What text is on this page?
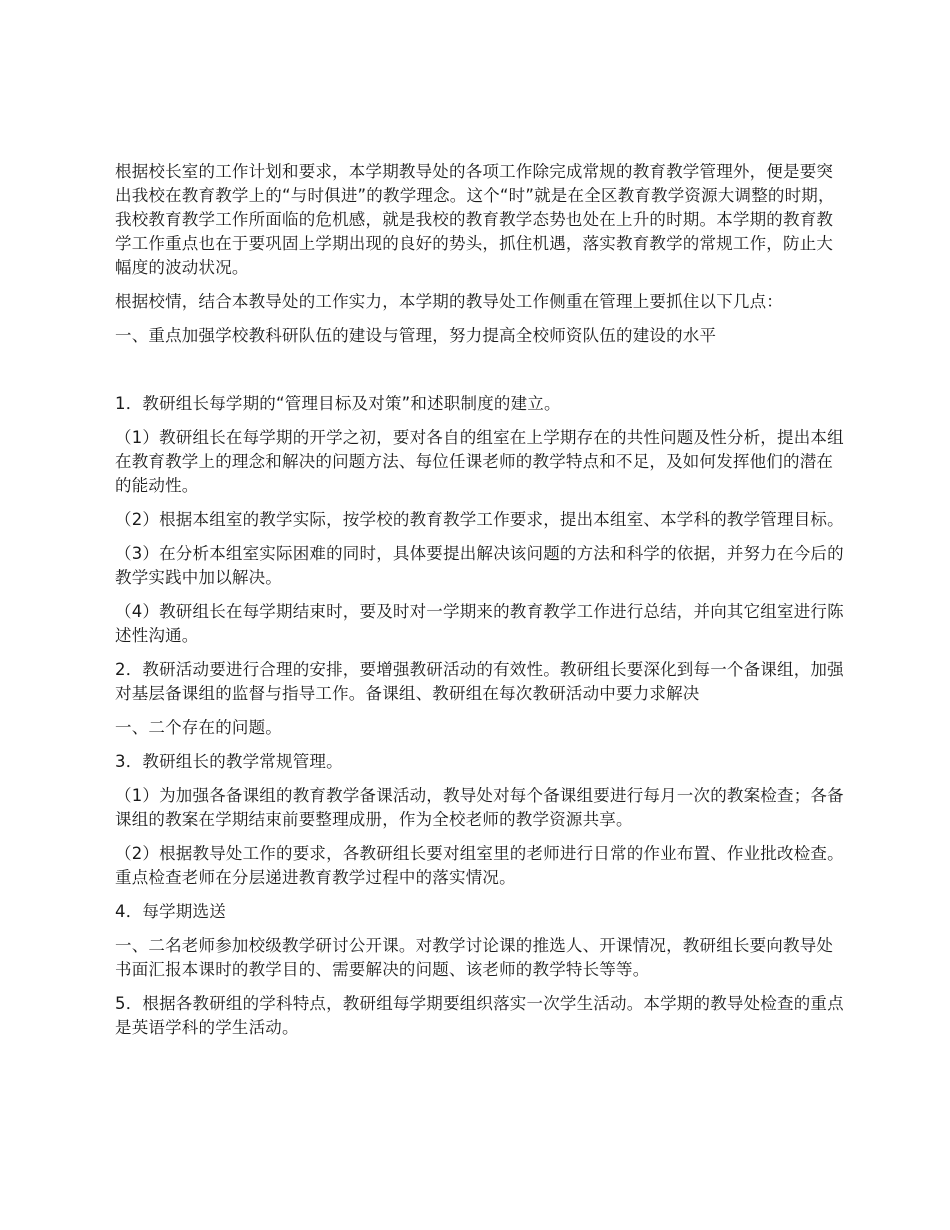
根据校长室的工作计划和要求，本学期教导处的各项工作除完成常规的教育教学管理外，便是要突出我校在教育教学上的“与时俱进”的教学理念。这个“时”就是在全区教育教学资源大调整的时期，我校教育教学工作所面临的危机感，就是我校的教育教学态势也处在上升的时期。本学期的教育教学工作重点也在于要巩固上学期出现的良好的势头，抓住机遇，落实教育教学的常规工作，防止大幅度的波动状况。

根据校情，结合本教导处的工作实力，本学期的教导处工作侧重在管理上要抓住以下几点：

一、重点加强学校教科研队伍的建设与管理，努力提高全校师资队伍的建设的水平

1．教研组长每学期的“管理目标及对策”和述职制度的建立。

（1）教研组长在每学期的开学之初，要对各自的组室在上学期存在的共性问题及性分析，提出本组在教育教学上的理念和解决的问题方法、每位任课老师的教学特点和不足，及如何发挥他们的潜在的能动性。

（2）根据本组室的教学实际，按学校的教育教学工作要求，提出本组室、本学科的教学管理目标。

（3）在分析本组室实际困难的同时，具体要提出解决该问题的方法和科学的依据，并努力在今后的教学实践中加以解决。

（4）教研组长在每学期结束时，要及时对一学期来的教育教学工作进行总结，并向其它组室进行陈述性沟通。

2．教研活动要进行合理的安排，要增强教研活动的有效性。教研组长要深化到每一个备课组，加强对基层备课组的监督与指导工作。备课组、教研组在每次教研活动中要力求解决

一、二个存在的问题。

3．教研组长的教学常规管理。

（1）为加强各备课组的教育教学备课活动，教导处对每个备课组要进行每月一次的教案检查；各备课组的教案在学期结束前要整理成册，作为全校老师的教学资源共享。

（2）根据教导处工作的要求，各教研组长要对组室里的老师进行日常的作业布置、作业批改检查。重点检查老师在分层递进教育教学过程中的落实情况。

4．每学期选送

一、二名老师参加校级教学研讨公开课。对教学讨论课的推选人、开课情况，教研组长要向教导处书面汇报本课时的教学目的、需要解决的问题、该老师的教学特长等等。

5．根据各教研组的学科特点，教研组每学期要组织落实一次学生活动。本学期的教导处检查的重点是英语学科的学生活动。
